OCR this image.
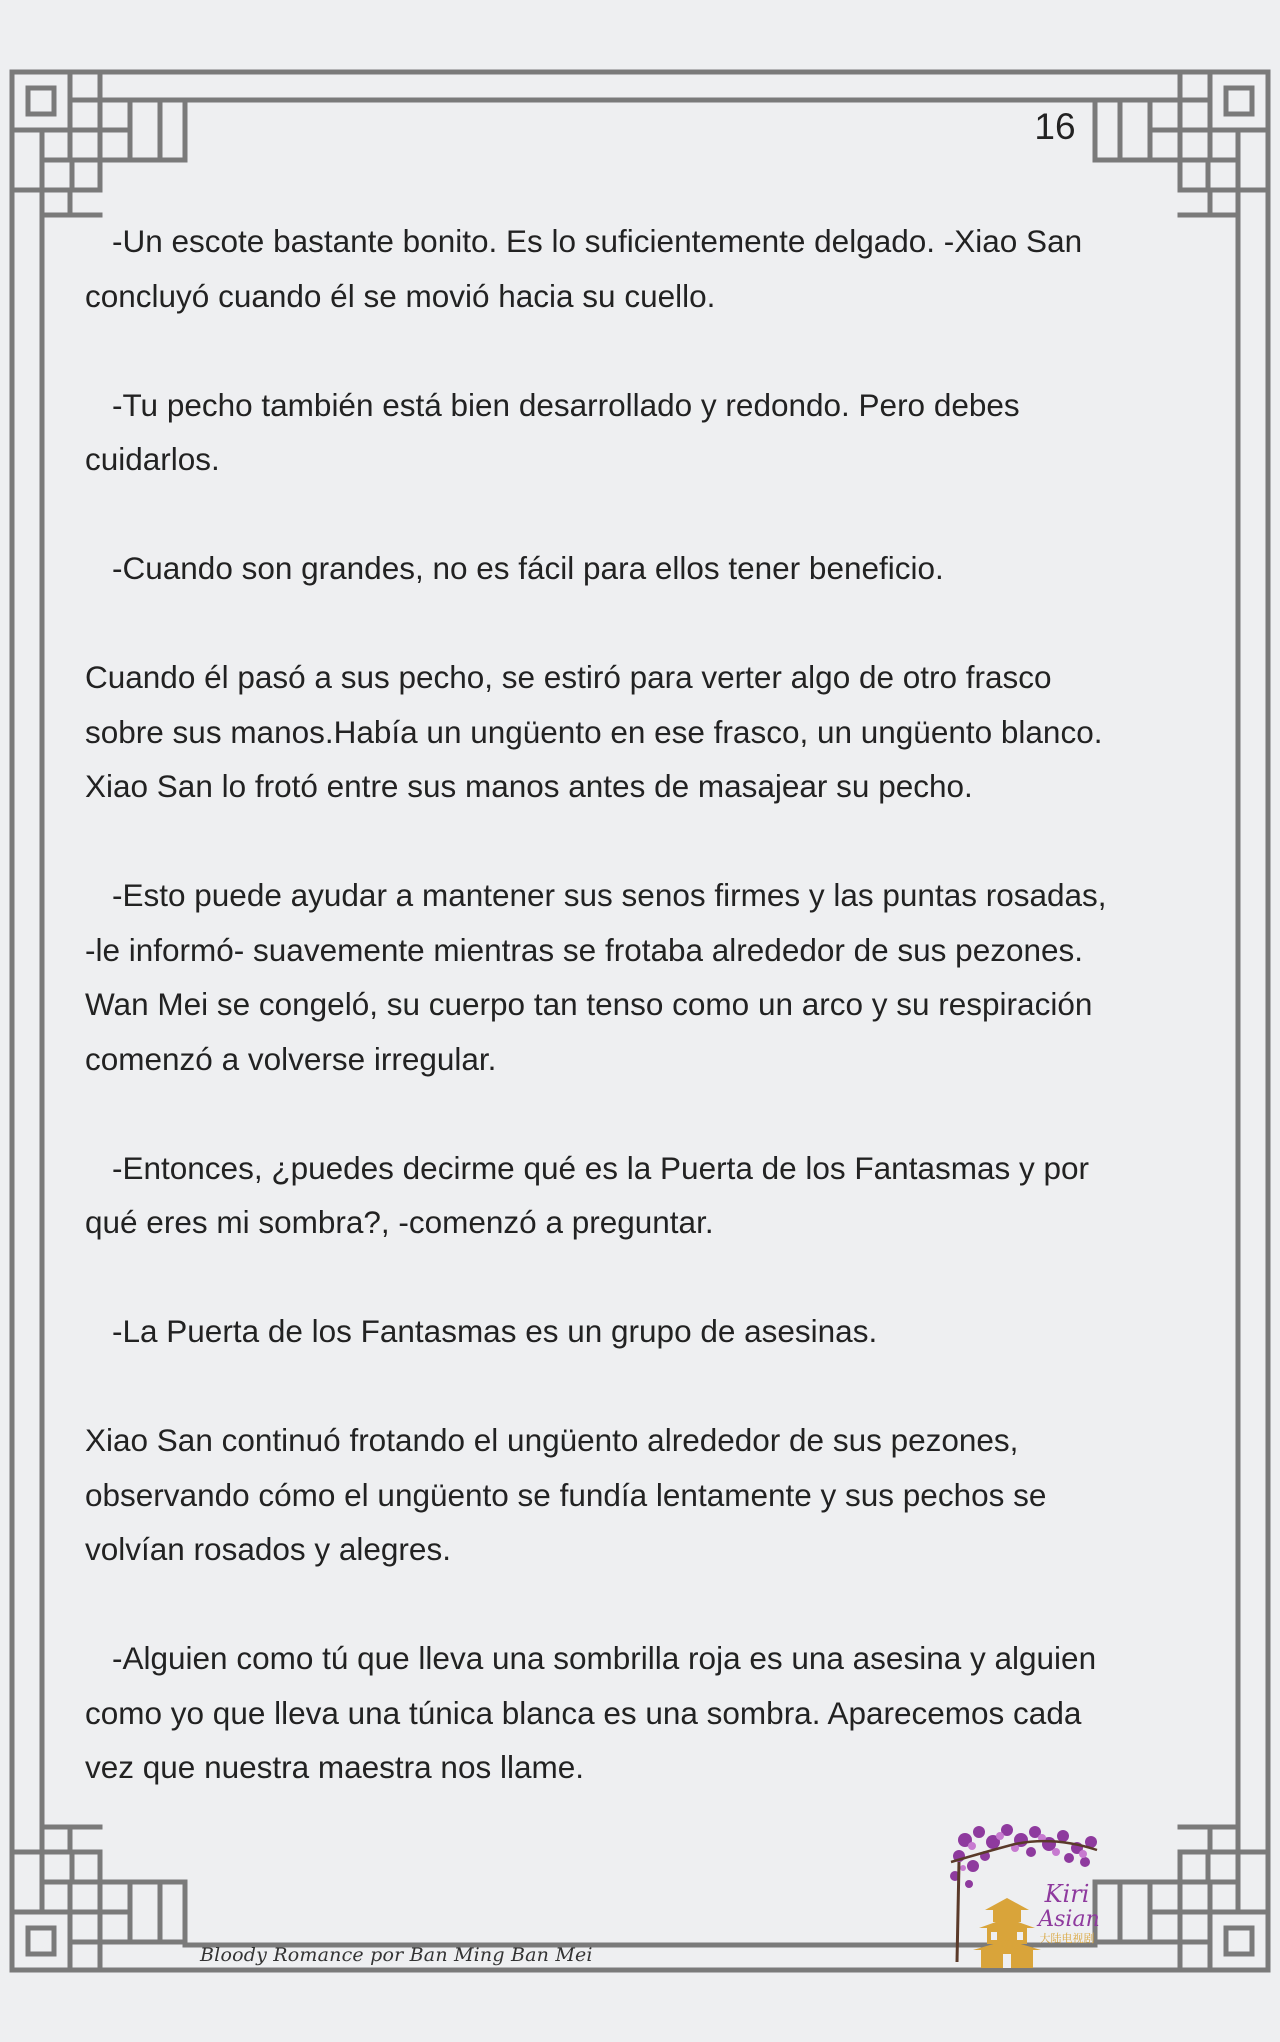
16
-Un escote bastante bonito. Es lo suficientemente delgado. -Xiao San
concluyó cuando él se movió hacia su cuello.
-Tu pecho también está bien desarrollado y redondo. Pero debes
cuidarlos.
-Cuando son grandes, no es fácil para ellos tener beneficio.
Cuando él pasó a sus pecho, se estiró para verter algo de otro frasco
sobre sus manos.Había un ungüento en ese frasco, un ungüento blanco.
Xiao San lo frotó entre sus manos antes de masajear su pecho.
-Esto puede ayudar a mantener sus senos firmes y las puntas rosadas,
-le informó- suavemente mientras se frotaba alrededor de sus pezones.
Wan Mei se congeló, su cuerpo tan tenso como un arco y su respiración
comenzó a volverse irregular.
-Entonces, ¿puedes decirme qué es la Puerta de los Fantasmas y por
qué eres mi sombra?, -comenzó a preguntar.
-La Puerta de los Fantasmas es un grupo de asesinas.
Xiao San continuó frotando el ungüento alrededor de sus pezones,
observando cómo el ungüento se fundía lentamente y sus pechos se
volvían rosados y alegres.
-Alguien como tú que lleva una sombrilla roja es una asesina y alguien
como yo que lleva una túnica blanca es una sombra. Aparecemos cada
vez que nuestra maestra nos llame.
Bloody Romance por Ban Ming Ban Mei
Kiri
Asian
大陆电视剧
